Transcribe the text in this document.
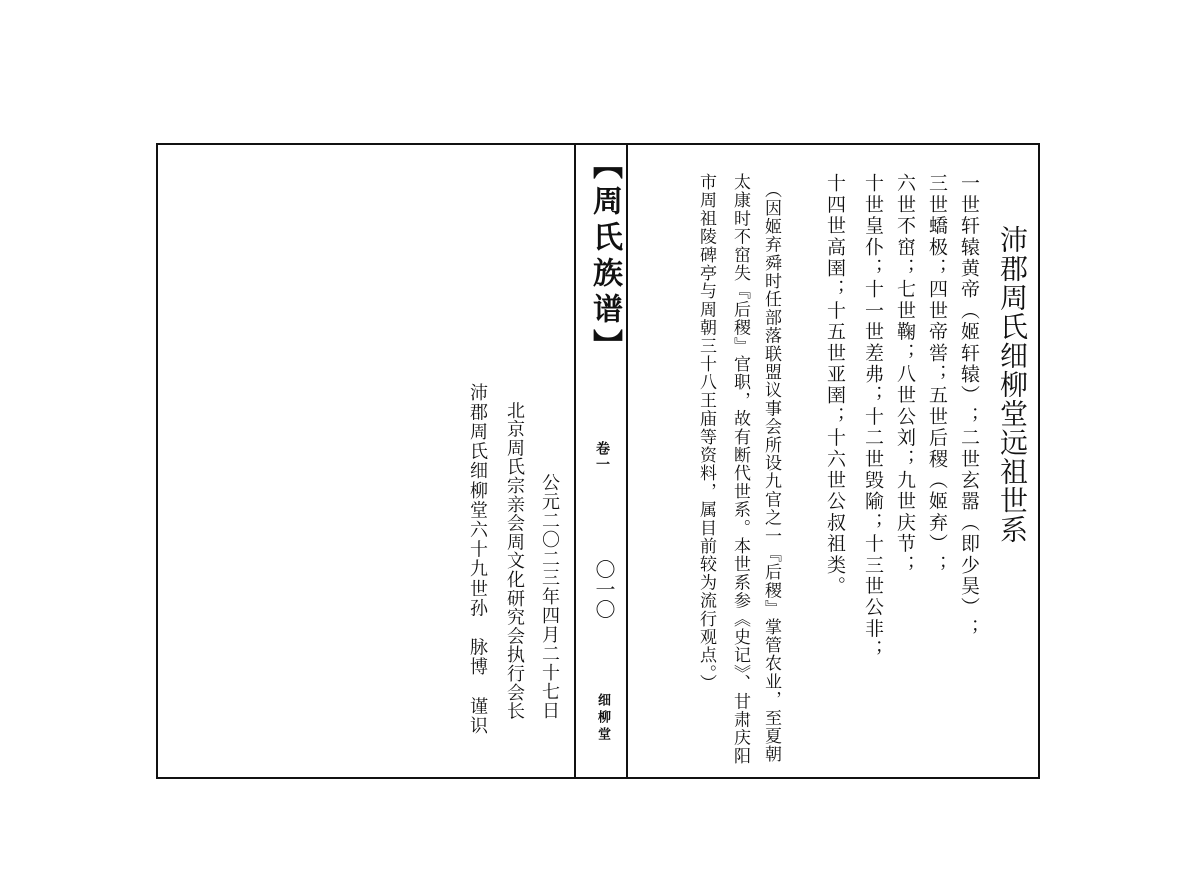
【周氏族谱】
卷一
〇一〇
细柳堂
沛郡周氏细柳堂远祖世系
一世轩辕黄帝（姬轩辕）；二世玄嚣（即少昊）；
三世蟜极；四世帝喾；五世后稷（姬弃）；
六世不窋；七世鞠；八世公刘；九世庆节；
十世皇仆；十一世差弗；十二世毁隃；十三世公非；
十四世高圉；十五世亚圉；十六世公叔祖类。
（因姬弃舜时任部落联盟议事会所设九官之一『后稷』掌管农业，至夏朝
太康时不窋失『后稷』官职，故有断代世系。本世系参《史记》、甘肃庆阳
市周祖陵碑亭与周朝三十八王庙等资料，属目前较为流行观点。）
公元二〇二三年四月二十七日
北京周氏宗亲会周文化研究会执行会长
沛郡周氏细柳堂六十九世孙　脉博　谨识
